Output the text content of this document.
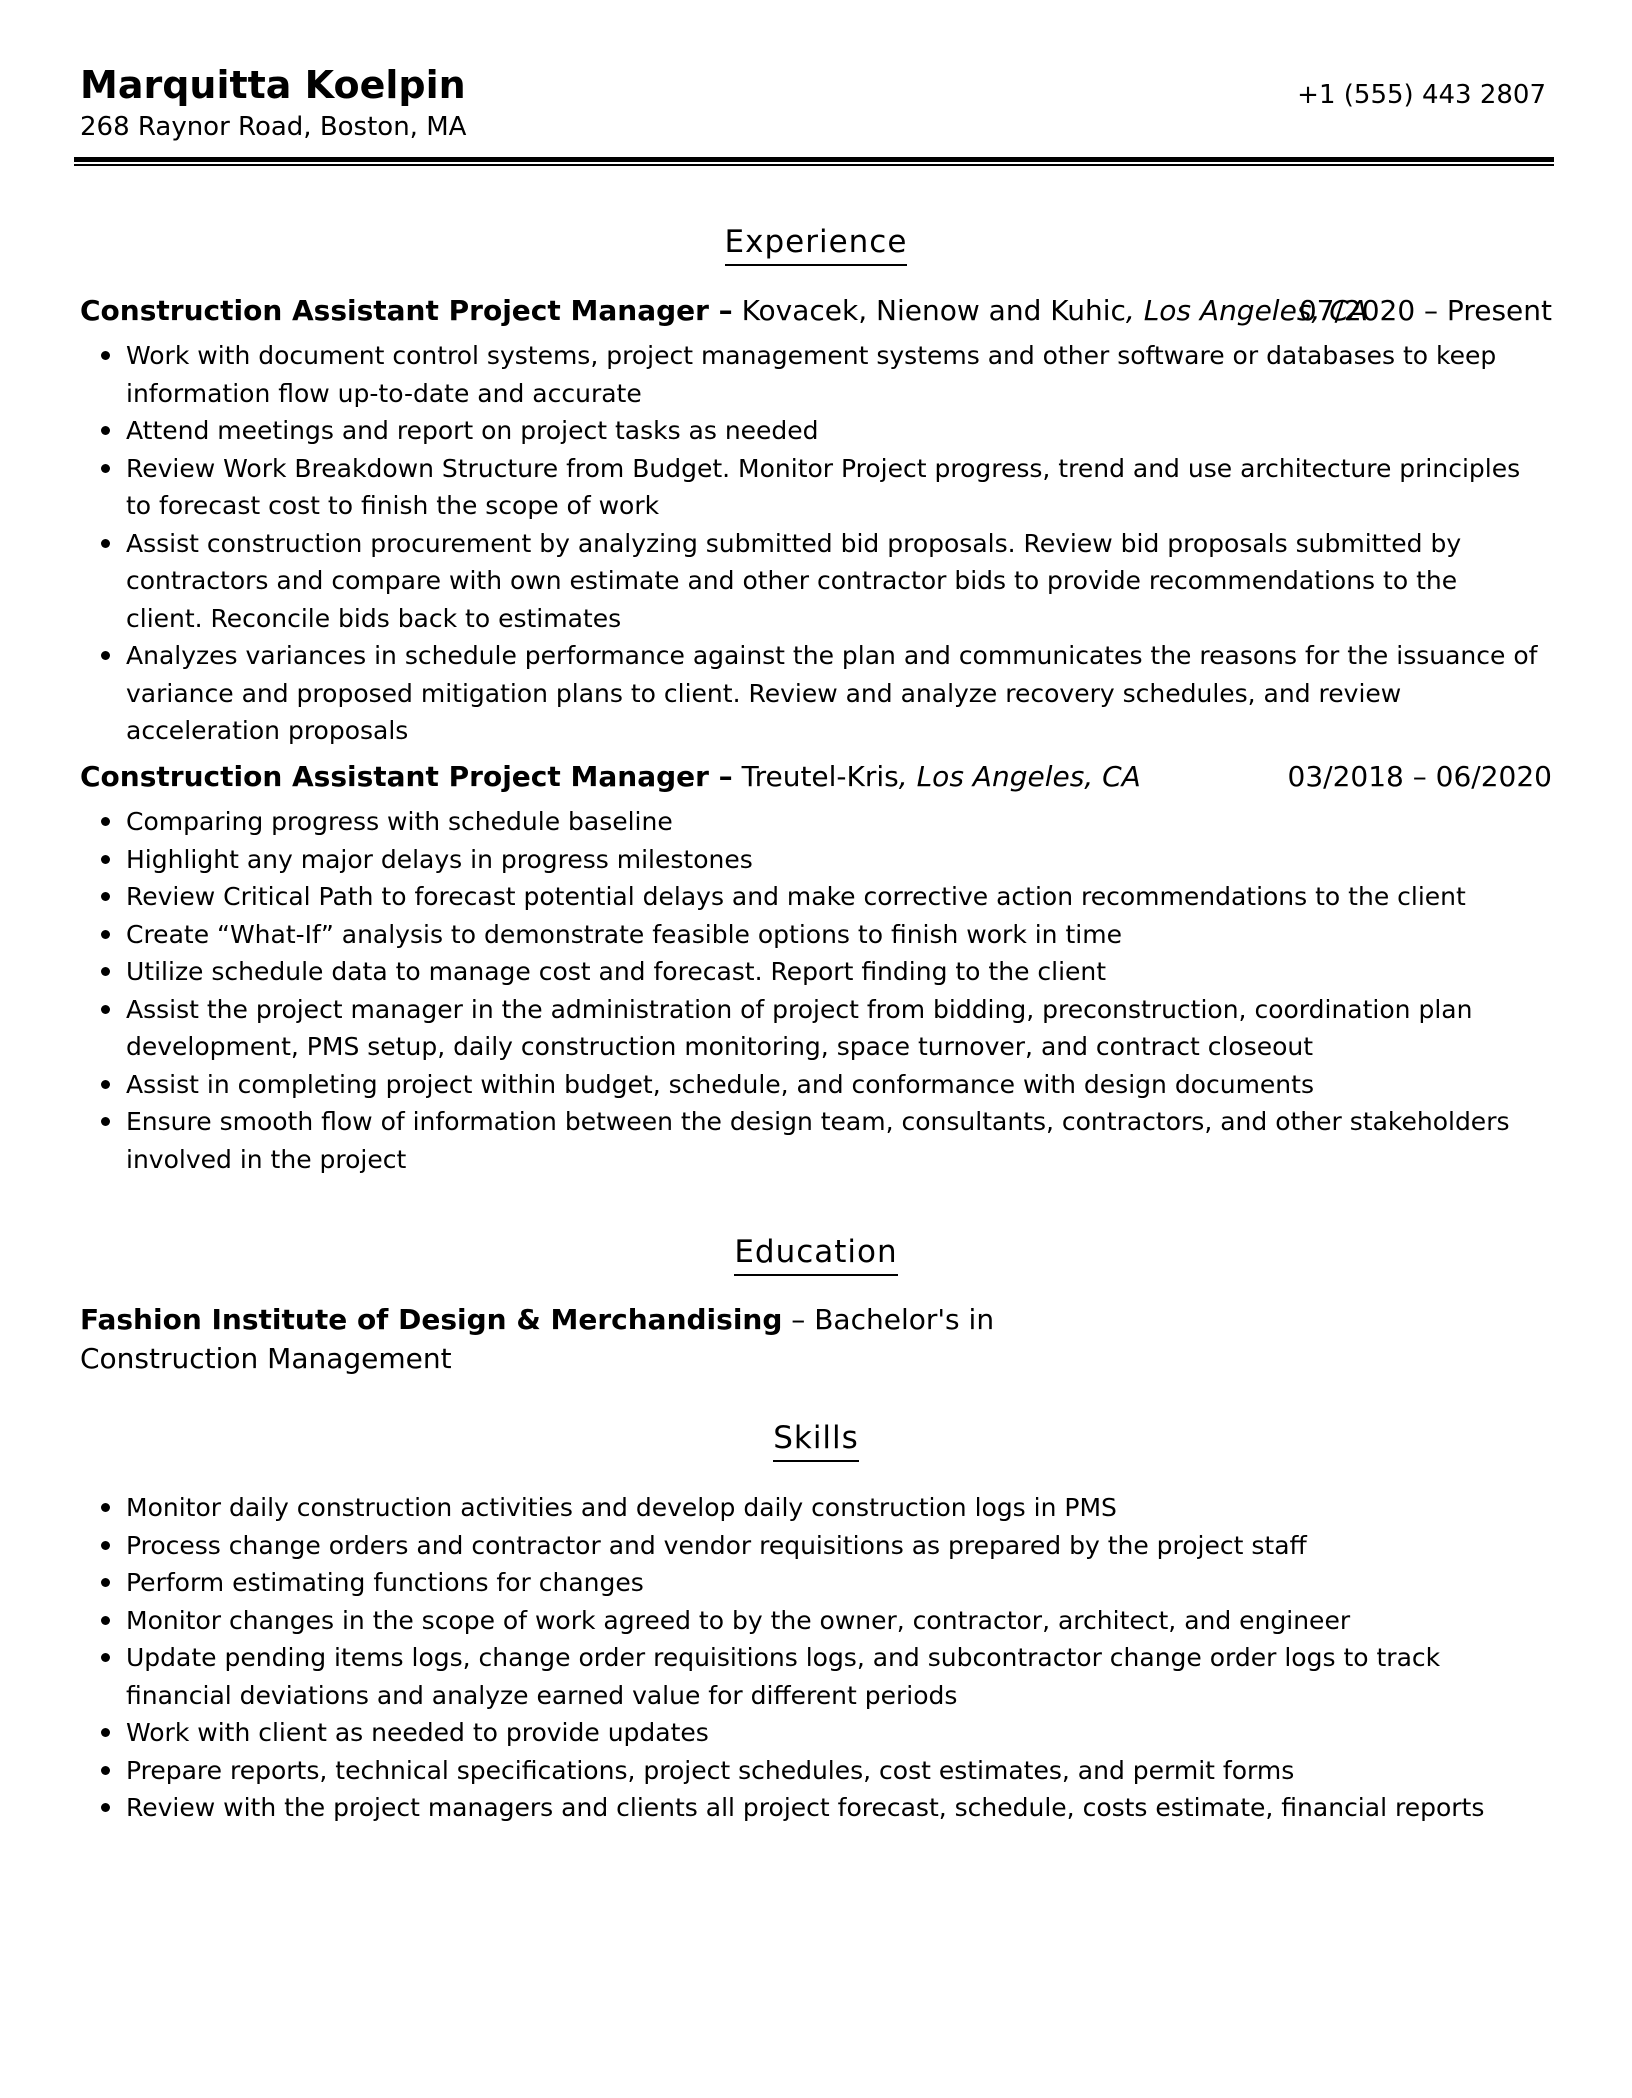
Marquitta Koelpin
268 Raynor Road, Boston, MA
+1 (555) 443 2807
Experience
Construction Assistant Project Manager – Kovacek, Nienow and Kuhic, Los Angeles, CA
07/2020 – Present
Work with document control systems, project management systems and other software or databases to keep information flow up-to-date and accurate
Attend meetings and report on project tasks as needed
Review Work Breakdown Structure from Budget. Monitor Project progress, trend and use architecture principles to forecast cost to finish the scope of work
Assist construction procurement by analyzing submitted bid proposals. Review bid proposals submitted by contractors and compare with own estimate and other contractor bids to provide recommendations to the client. Reconcile bids back to estimates
Analyzes variances in schedule performance against the plan and communicates the reasons for the issuance of variance and proposed mitigation plans to client. Review and analyze recovery schedules, and review acceleration proposals
Construction Assistant Project Manager – Treutel-Kris, Los Angeles, CA	03/2018 – 06/2020
Comparing progress with schedule baseline
Highlight any major delays in progress milestones
Review Critical Path to forecast potential delays and make corrective action recommendations to the client
Create “What-If” analysis to demonstrate feasible options to finish work in time
Utilize schedule data to manage cost and forecast. Report finding to the client
Assist the project manager in the administration of project from bidding, preconstruction, coordination plan development, PMS setup, daily construction monitoring, space turnover, and contract closeout
Assist in completing project within budget, schedule, and conformance with design documents
Ensure smooth flow of information between the design team, consultants, contractors, and other stakeholders involved in the project
Education
Fashion Institute of Design & Merchandising – Bachelor's in Construction Management
Skills
Monitor daily construction activities and develop daily construction logs in PMS
Process change orders and contractor and vendor requisitions as prepared by the project staff
Perform estimating functions for changes
Monitor changes in the scope of work agreed to by the owner, contractor, architect, and engineer
Update pending items logs, change order requisitions logs, and subcontractor change order logs to track financial deviations and analyze earned value for different periods
Work with client as needed to provide updates
Prepare reports, technical specifications, project schedules, cost estimates, and permit forms
Review with the project managers and clients all project forecast, schedule, costs estimate, financial reports
